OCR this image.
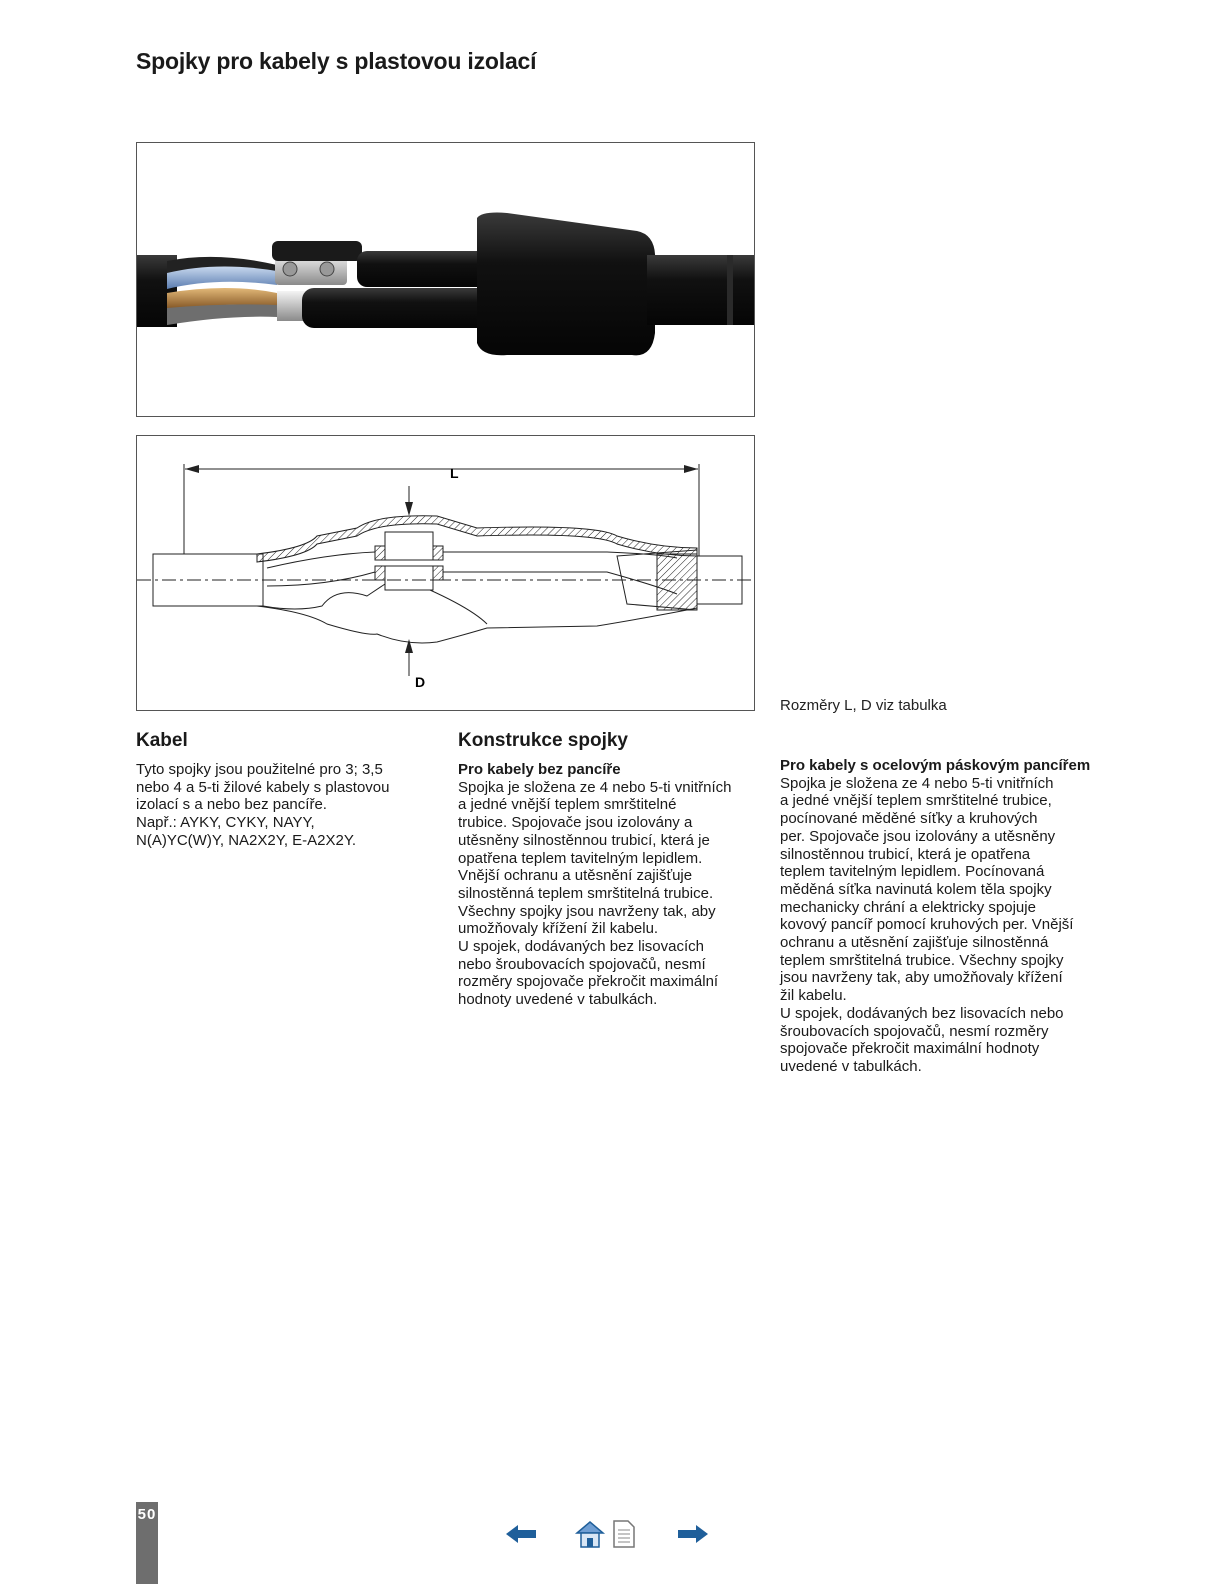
Spojky pro kabely s plastovou izolací
L
D
Rozměry L, D viz tabulka
Kabel

Tyto spojky jsou použitelné pro 3; 3,5
nebo 4 a 5-ti žilové kabely s plastovou
izolací s a nebo bez pancíře.
Např.: AYKY, CYKY, NAYY,
N(A)YC(W)Y, NA2X2Y, E-A2X2Y.

Konstrukce spojky
Pro kabely bez pancíře

Spojka je složena ze 4 nebo 5-ti vnitřních
a jedné vnější teplem smrštitelné
trubice. Spojovače jsou izolovány a
utěsněny silnostěnnou trubicí, která je
opatřena teplem tavitelným lepidlem.
Vnější ochranu a utěsnění zajišťuje
silnostěnná teplem smrštitelná trubice.
Všechny spojky jsou navrženy tak, aby
umožňovaly křížení žil kabelu.
U spojek, dodávaných bez lisovacích
nebo šroubovacích spojovačů, nesmí
rozměry spojovače překročit maximální
hodnoty uvedené v tabulkách.

Pro kabely s ocelovým páskovým pancířem

Spojka je složena ze 4 nebo 5-ti vnitřních
a jedné vnější teplem smrštitelné trubice,
pocínované měděné síťky a kruhových
per. Spojovače jsou izolovány a utěsněny
silnostěnnou trubicí, která je opatřena
teplem tavitelným lepidlem. Pocínovaná
měděná síťka navinutá kolem těla spojky
mechanicky chrání a elektricky spojuje
kovový pancíř pomocí kruhových per. Vnější
ochranu a utěsnění zajišťuje silnostěnná
teplem smrštitelná trubice. Všechny spojky
jsou navrženy tak, aby umožňovaly křížení
žil kabelu.
U spojek, dodávaných bez lisovacích nebo
šroubovacích spojovačů, nesmí rozměry
spojovače překročit maximální hodnoty
uvedené v tabulkách.

50
